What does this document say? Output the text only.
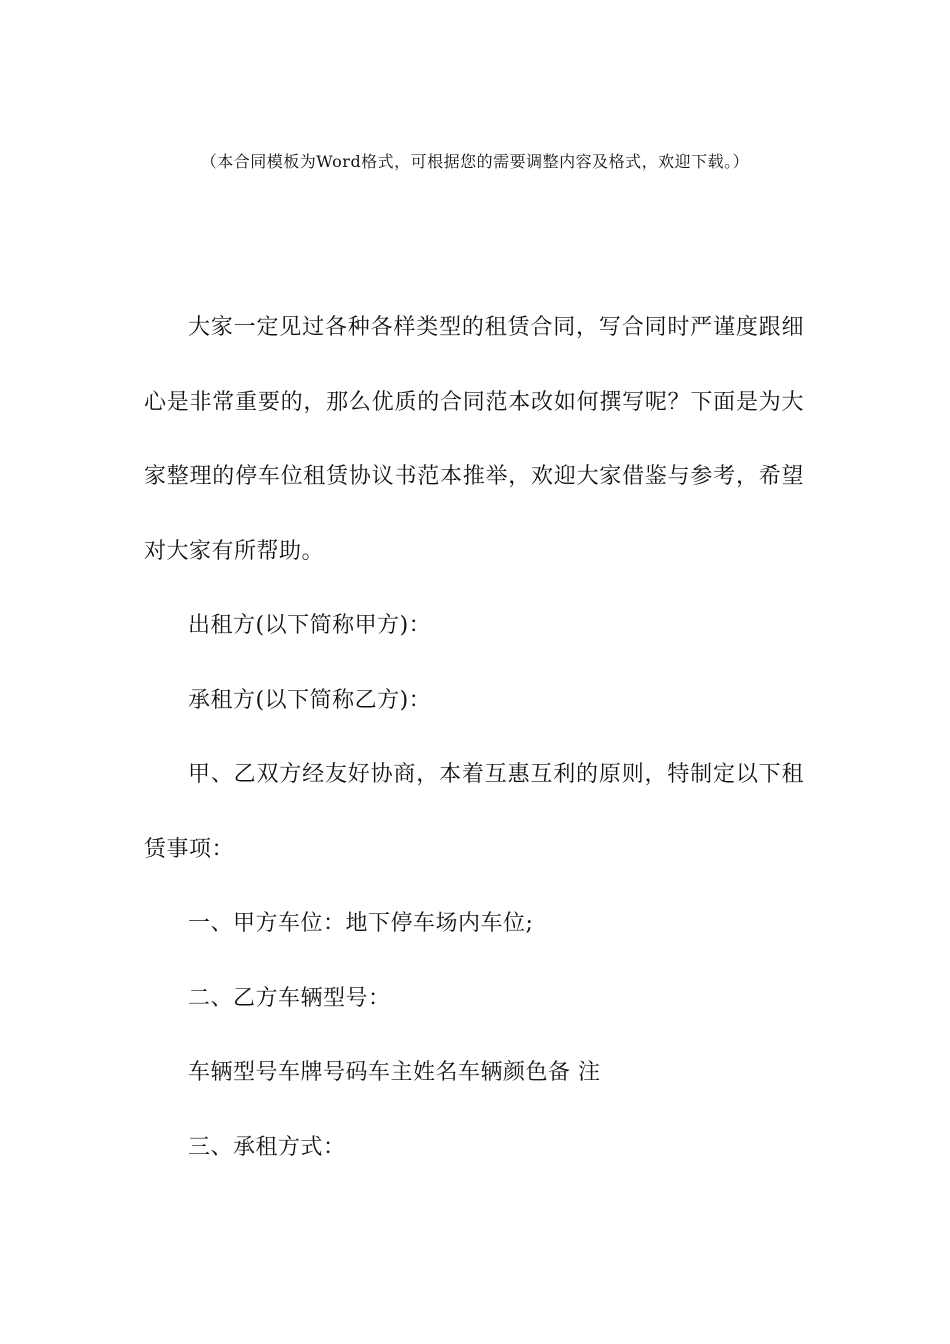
（本合同模板为Word格式，可根据您的需要调整内容及格式，欢迎下载。）

大家一定见过各种各样类型的租赁合同，写合同时严谨度跟细心是非常重要的，那么优质的合同范本改如何撰写呢？下面是为大家整理的停车位租赁协议书范本推举，欢迎大家借鉴与参考，希望对大家有所帮助。

出租方(以下简称甲方)：

承租方(以下简称乙方)：

甲、乙双方经友好协商，本着互惠互利的原则，特制定以下租赁事项：

一、甲方车位：地下停车场内车位;

二、乙方车辆型号：

车辆型号车牌号码车主姓名车辆颜色备 注

三、承租方式：
